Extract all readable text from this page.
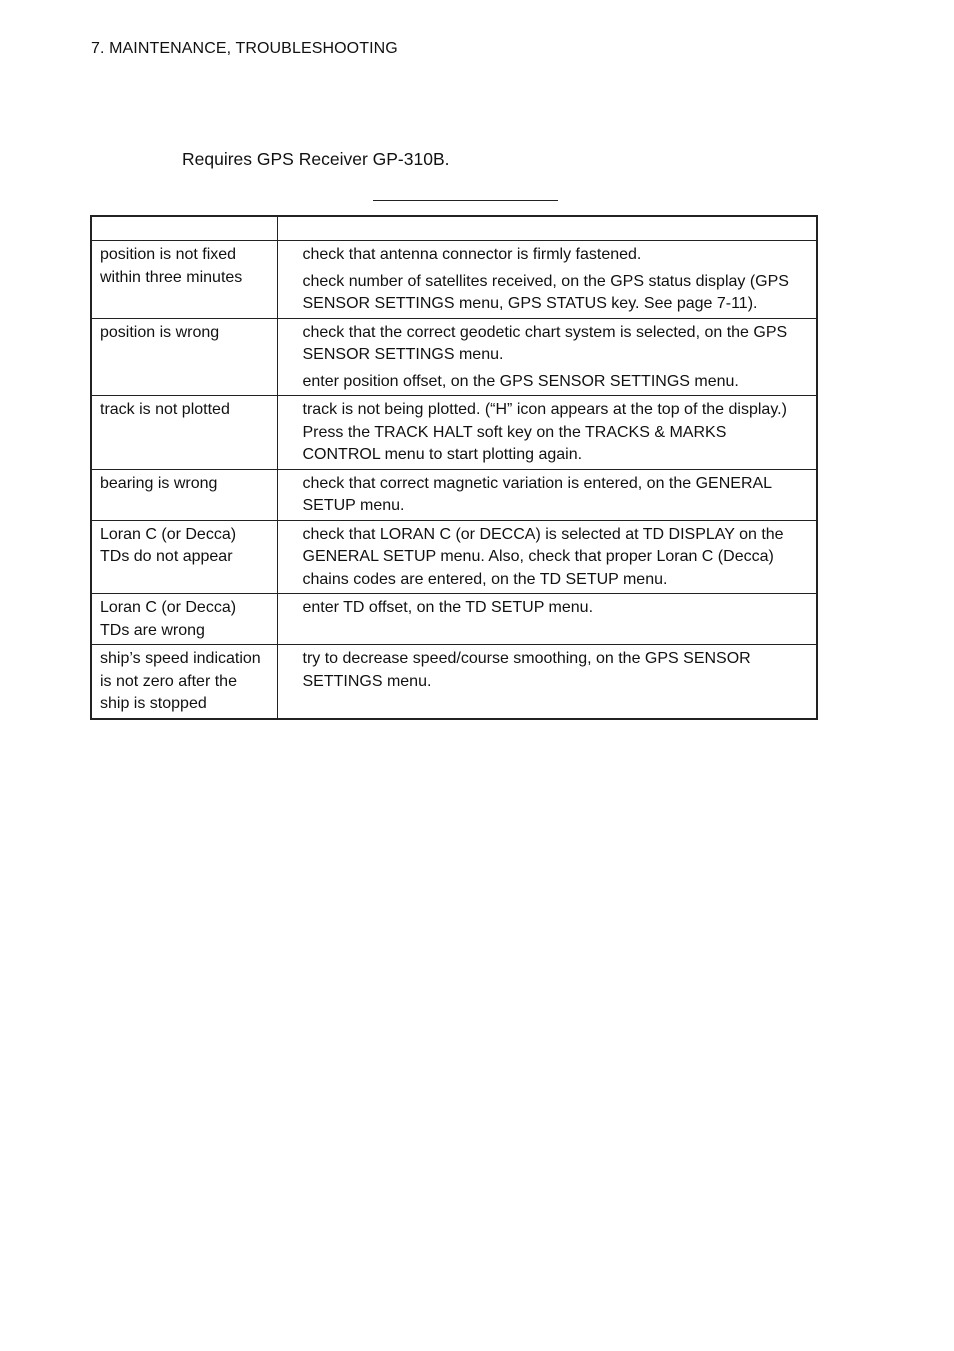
7. MAINTENANCE, TROUBLESHOOTING
Requires GPS Receiver GP-310B.

position is not fixed within three minutes	check that antenna connector is firmly fastened.
check number of satellites received, on the GPS status display (GPS SENSOR SETTINGS menu, GPS STATUS key. See page 7-11).

position is wrong	check that the correct geodetic chart system is selected, on the GPS SENSOR SETTINGS menu.
enter position offset, on the GPS SENSOR SETTINGS menu.

track is not plotted	track is not being plotted. (“H” icon appears at the top of the display.) Press the TRACK HALT soft key on the TRACKS & MARKS CONTROL menu to start plotting again.

bearing is wrong	check that correct magnetic variation is entered, on the GENERAL SETUP menu.

Loran C (or Decca) TDs do not appear	check that LORAN C (or DECCA) is selected at TD DISPLAY on the GENERAL SETUP menu. Also, check that proper Loran C (Decca) chains codes are entered, on the TD SETUP menu.

Loran C (or Decca) TDs are wrong	enter TD offset, on the TD SETUP menu.

ship’s speed indication is not zero after the ship is stopped	try to decrease speed/course smoothing, on the GPS SENSOR SETTINGS menu.
